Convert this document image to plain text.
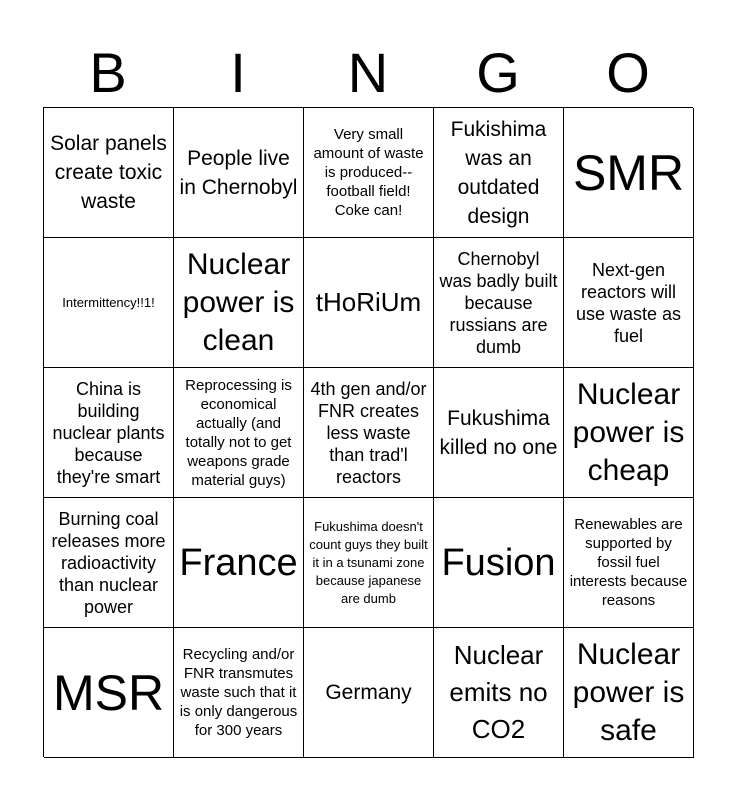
B	I	N	G	O
Solar panels create toxic waste
People live in Chernobyl
Very small amount of waste is produced--football field! Coke can!
Fukishima was an outdated design
SMR
Intermittency!!1!
Nuclear power is clean
tHoRiUm
Chernobyl was badly built because russians are dumb
Next-gen reactors will use waste as fuel
China is building nuclear plants because they're smart
Reprocessing is economical actually (and totally not to get weapons grade material guys)
4th gen and/or FNR creates less waste than trad'l reactors
Fukushima killed no one
Nuclear power is cheap
Burning coal releases more radioactivity than nuclear power
France
Fukushima doesn't count guys they built it in a tsunami zone because japanese are dumb
Fusion
Renewables are supported by fossil fuel interests because reasons
MSR
Recycling and/or FNR transmutes waste such that it is only dangerous for 300 years
Germany
Nuclear emits no CO2
Nuclear power is safe
